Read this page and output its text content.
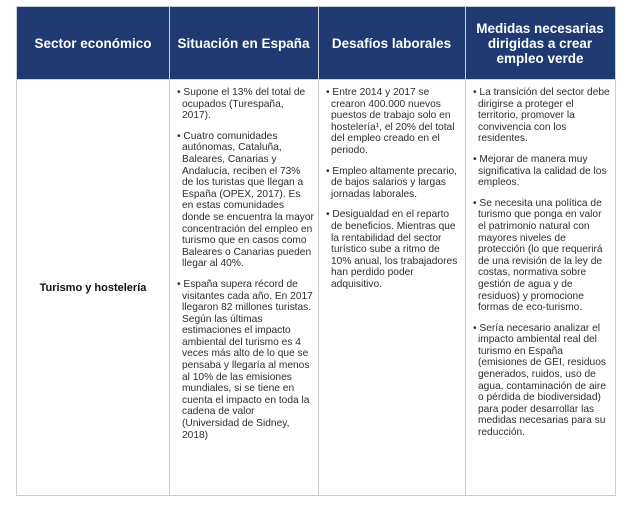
Sector económico	Situación en España	Desafíos laborales
Medidas necesarias dirigidas a crear empleo verde
Turismo y hostelería

• Supone el 13% del total de ocupados (Turespaña, 2017).

• Cuatro comunidades autónomas, Cataluña, Baleares, Canarias y Andalucía, reciben el 73% de los turistas que llegan a España (OPEX, 2017). Es en estas comunidades donde se encuentra la mayor concentración del empleo en turismo que en casos como Baleares o Canarias pueden llegar al 40%.

• España supera récord de visitantes cada año. En 2017 llegaron 82 millones turistas. Según las últimas estimaciones el impacto ambiental del turismo es 4 veces más alto de lo que se pensaba y llegaría al menos al 10% de las emisiones mundiales, si se tiene en cuenta el impacto en toda la cadena de valor (Universidad de Sidney, 2018)

• Entre 2014 y 2017 se crearon 400.000 nuevos puestos de trabajo solo en hostelería¹, el 20% del total del empleo creado en el periodo.

• Empleo altamente precario, de bajos salarios y largas jornadas laborales.

• Desigualdad en el reparto de beneficios. Mientras que la rentabilidad del sector turístico sube a ritmo de 10% anual, los trabajadores han perdido poder adquisitivo.

• La transición del sector debe dirigirse a proteger el territorio, promover la convivencia con los residentes.

• Mejorar de manera muy significativa la calidad de los empleos.

• Se necesita una política de turismo que ponga en valor el patrimonio natural con mayores niveles de protección (lo que requerirá de una revisión de la ley de costas, normativa sobre gestión de agua y de residuos) y promocione formas de eco-turismo.

• Sería necesario analizar el impacto ambiental real del turismo en España (emisiones de GEI, residuos generados, ruidos, uso de agua, contaminación de aire o pérdida de biodiversidad) para poder desarrollar las medidas necesarias para su reducción.
